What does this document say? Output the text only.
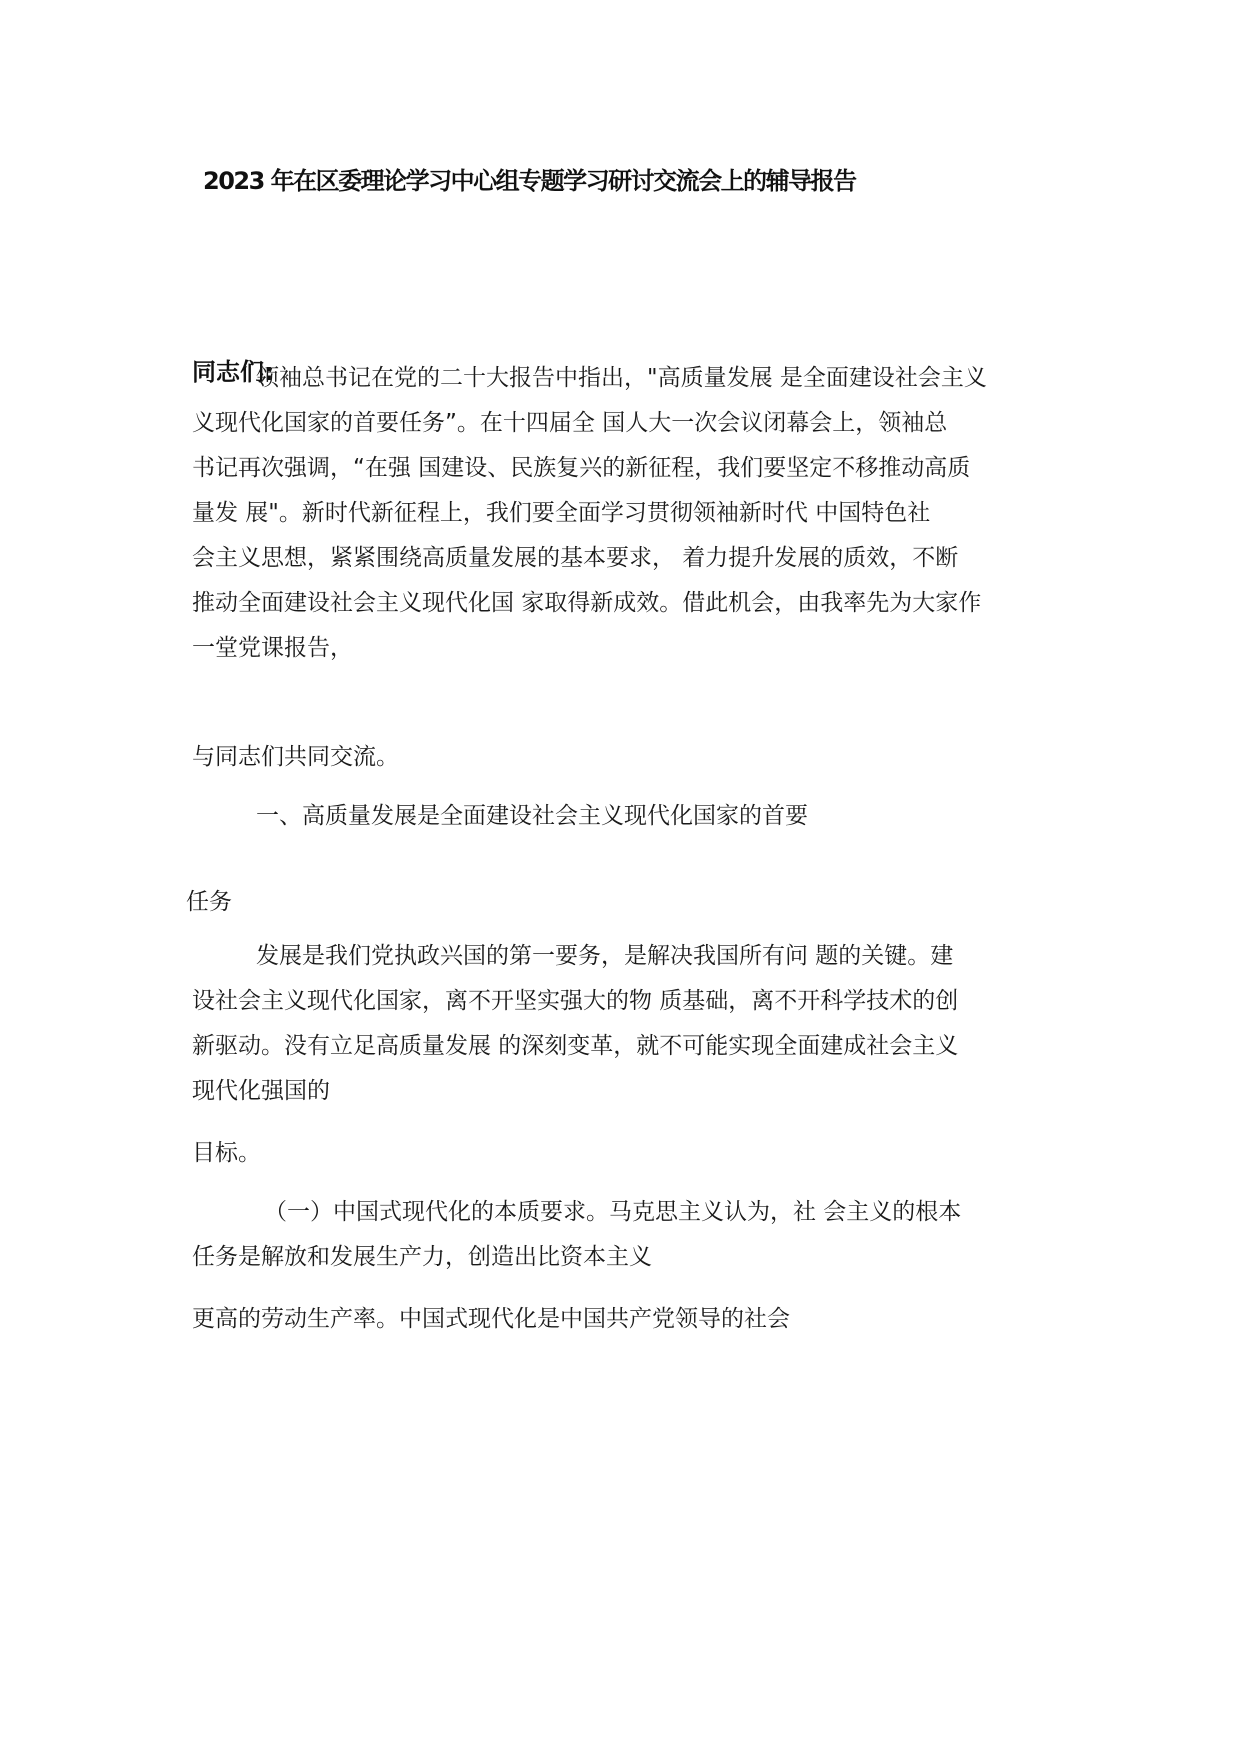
2023 年在区委理论学习中心组专题学习研讨交流会上的辅导报告
同志们:
领袖总书记在党的二十大报告中指出，"高质量发展 是全面建设社会主义
义现代化国家的首要任务”。在十四届全 国人大一次会议闭幕会上，领袖总
书记再次强调，“在强 国建设、民族复兴的新征程，我们要坚定不移推动高质
量发 展"。新时代新征程上，我们要全面学习贯彻领袖新时代 中国特色社
会主义思想，紧紧围绕高质量发展的基本要求， 着力提升发展的质效，不断
推动全面建设社会主义现代化国 家取得新成效。借此机会，由我率先为大家作
一堂党课报告，
与同志们共同交流。
一、高质量发展是全面建设社会主义现代化国家的首要
任务
发展是我们党执政兴国的第一要务，是解决我国所有问 题的关键。建
设社会主义现代化国家，离不开坚实强大的物 质基础，离不开科学技术的创
新驱动。没有立足高质量发展 的深刻变革，就不可能实现全面建成社会主义
现代化强国的
目标。
（一）中国式现代化的本质要求。马克思主义认为，社 会主义的根本
任务是解放和发展生产力，创造出比资本主义
更高的劳动生产率。中国式现代化是中国共产党领导的社会
